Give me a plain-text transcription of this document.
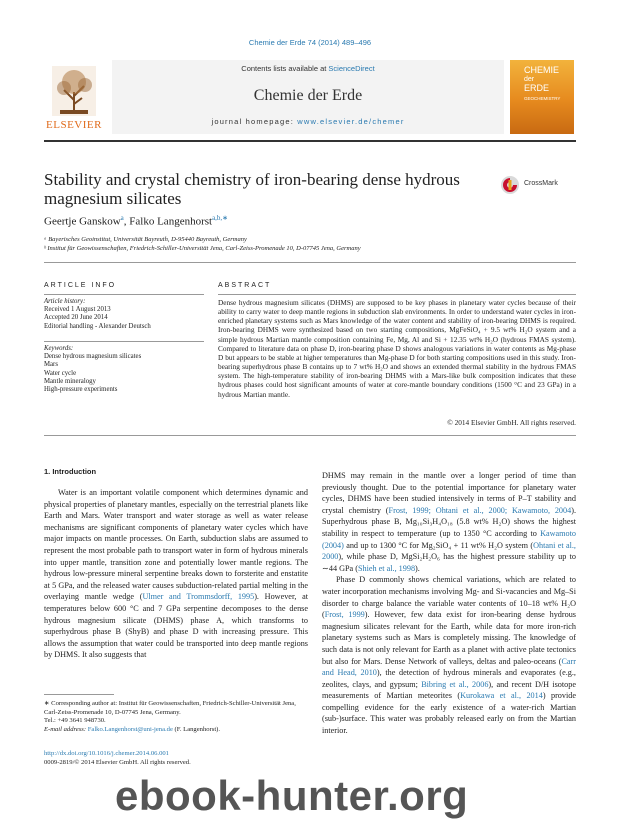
Chemie der Erde 74 (2014) 489–496
ELSEVIER
Contents lists available at ScienceDirect
Chemie der Erde
journal homepage: www.elsevier.de/chemer
CHEMIE
der
ERDE
GEOCHEMISTRY
Stability and crystal chemistry of iron-bearing dense hydrous magnesium silicates
CrossMark
Geertje Ganskow$^a$, Falko Langenhorst$^{a,b,∗}$
ᵃ Bayerisches Geoinstitut, Universität Bayreuth, D-95440 Bayreuth, Germany
ᵇ Institut für Geowissenschaften, Friedrich-Schiller-Universität Jena, Carl-Zeiss-Promenade 10, D-07745 Jena, Germany
ARTICLE INFO	ABSTRACT
Article history:
Received 1 August 2013
Accepted 20 June 2014
Editorial handling - Alexander Deutsch
Keywords:
Dense hydrous magnesium silicates
Mars
Water cycle
Mantle mineralogy
High-pressure experiments
Dense hydrous magnesium silicates (DHMS) are supposed to be key phases in planetary water cycles because of their ability to carry water to deep mantle regions in subduction slab environments. In order to understand water cycles in iron-enriched planetary systems such as Mars knowledge of the water content and stability of iron-bearing DHMS is required. Iron-bearing DHMS were synthesized based on two starting compositions, MgFeSiO₄ + 9.5 wt% H₂O system and a simple hydrous Martian mantle composition containing Fe, Mg, Al and Si + 12.35 wt% H₂O (hydrous FMAS system). Compared to literature data on phase D, iron-bearing phase D shows analogous variations in water contents as Mg-phase D but appears to be stable at higher temperatures than Mg-phase D for both starting compositions used in this study. Iron-bearing superhydrous phase B contains up to 7 wt% H₂O and shows an extended thermal stability in the hydrous FMAS system. The high-temperature stability of iron-bearing DHMS with a Mars-like bulk composition indicates that these hydrous phases could host significant amounts of water at core-mantle boundary conditions (1500 °C and 23 GPa) in a hydrous Martian mantle.
© 2014 Elsevier GmbH. All rights reserved.
1. Introduction

Water is an important volatile component which determines dynamic and physical properties of planetary mantles, especially on the terrestrial planets like Earth and Mars. Water transport and water storage as well as water release mechanisms are significant components of planetary water cycles which have major impacts on mantle processes. On Earth, subduction slabs are assumed to represent the most probable path to transport water in form of hydrous minerals into upper mantle, transition zone and potentially lower mantle regions. The hydrous low-pressure mineral serpentine breaks down to forsterite and enstatite at 5 GPa, and the released water causes subduction-related partial melting in the overlaying mantle wedge (Ulmer and Trommsdorff, 1995). However, at temperatures below 600 °C and 7 GPa serpentine decomposes to the dense hydrous magnesium silicate (DHMS) phase A, which transforms to superhydrous phase B (ShyB) and phase D with increasing pressure. This allows the assumption that water could be transported into deep mantle regions by DHMS. It also suggests that

DHMS may remain in the mantle over a longer period of time than previously thought. Due to the potential importance for planetary water cycles, DHMS have been studied intensively in terms of P–T stability and crystal chemistry (Frost, 1999; Ohtani et al., 2000; Kawamoto, 2004). Superhydrous phase B, Mg₁₀Si₃H₄O₁₈ (5.8 wt% H₂O) shows the highest stability in respect to temperature (up to 1350 °C according to Kawamoto (2004) and up to 1300 °C for Mg₂SiO₄ + 11 wt% H₂O system (Ohtani et al., 2000), while phase D, MgSi₂H₂O₆ has the highest pressure stability up to ∼44 GPa (Shieh et al., 1998).

Phase D commonly shows chemical variations, which are related to water incorporation mechanisms involving Mg- and Si-vacancies and Mg–Si disorder to charge balance the variable water contents of 10–18 wt% H₂O (Frost, 1999). However, few data exist for iron-bearing dense hydrous magnesium silicates relevant for the Earth, while data for more iron-rich planetary systems such as Mars is completely missing. The knowledge of such data is not only relevant for Earth as a planet with active plate tectonics but also for Mars. Dense Network of valleys, deltas and paleo-oceans (Carr and Head, 2010), the detection of hydrous minerals and evaporates (e.g., zeolites, clays, and gypsum; Bibring et al., 2006), and recent D/H isotope measurements of Martian meteorites (Kurokawa et al., 2014) provide compelling evidence for the early existence of a water-rich Martian (sub-)surface. This water was probably released early on from the Martian interior.

∗ Corresponding author at: Institut für Geowissenschaften, Friedrich-Schiller-Universität Jena, Carl-Zeiss-Promenade 10, D-07745 Jena, Germany.
Tel.: +49 3641 948730.
E-mail address: Falko.Langenhorst@uni-jena.de (F. Langenhorst).
http://dx.doi.org/10.1016/j.chemer.2014.06.001
0009-2819/© 2014 Elsevier GmbH. All rights reserved.
ebook-hunter.org
